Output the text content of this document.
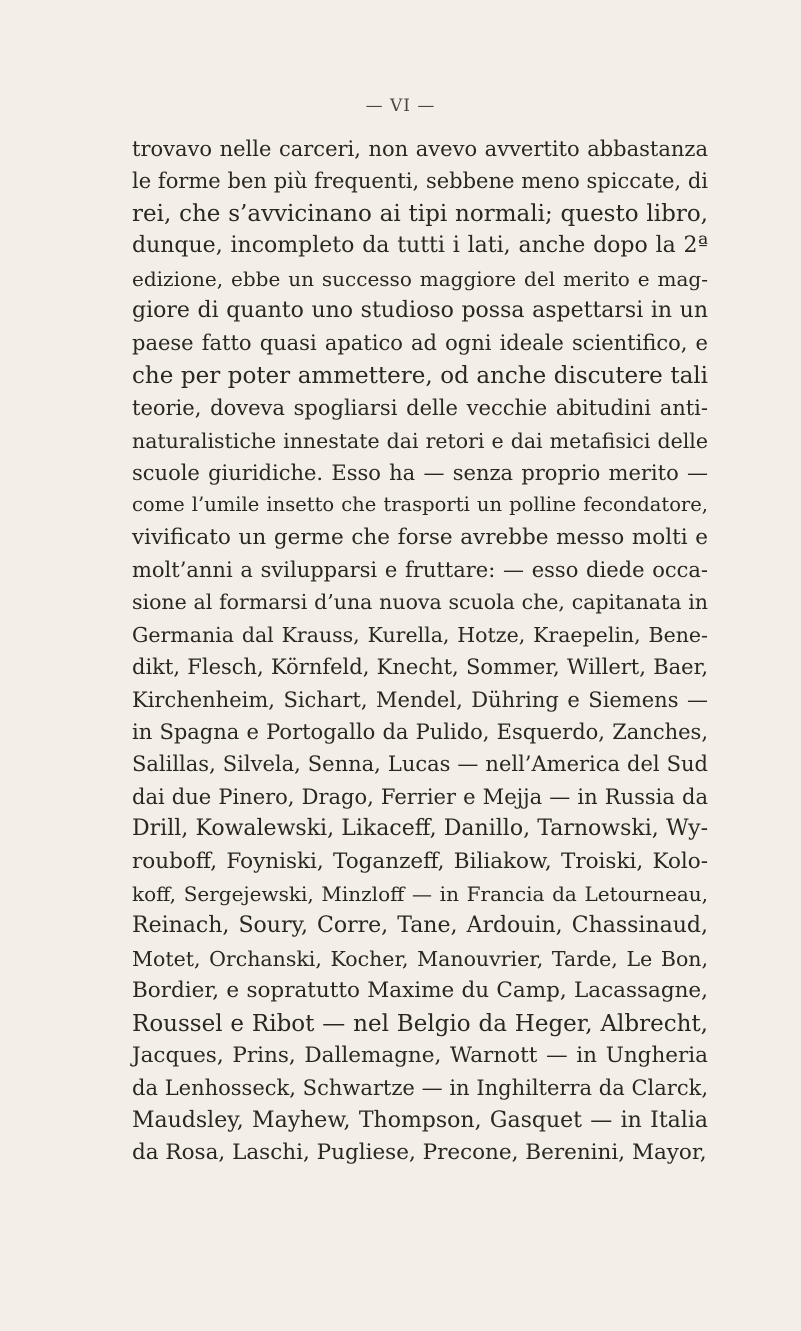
— VI —
trovavo nelle carceri, non avevo avvertito abbastanza
le forme ben più frequenti, sebbene meno spiccate, di
rei, che s’avvicinano ai tipi normali; questo libro,
dunque, incompleto da tutti i lati, anche dopo la 2ª
edizione, ebbe un successo maggiore del merito e mag-
giore di quanto uno studioso possa aspettarsi in un
paese fatto quasi apatico ad ogni ideale scientifico, e
che per poter ammettere, od anche discutere tali
teorie, doveva spogliarsi delle vecchie abitudini anti-
naturalistiche innestate dai retori e dai metafisici delle
scuole giuridiche. Esso ha — senza proprio merito —
come l’umile insetto che trasporti un polline fecondatore,
vivificato un germe che forse avrebbe messo molti e
molt’anni a svilupparsi e fruttare: — esso diede occa-
sione al formarsi d’una nuova scuola che, capitanata in
Germania dal Krauss, Kurella, Hotze, Kraepelin, Bene-
dikt, Flesch, Körnfeld, Knecht, Sommer, Willert, Baer,
Kirchenheim, Sichart, Mendel, Dühring e Siemens —
in Spagna e Portogallo da Pulido, Esquerdo, Zanches,
Salillas, Silvela, Senna, Lucas — nell’America del Sud
dai due Pinero, Drago, Ferrier e Mejja — in Russia da
Drill, Kowalewski, Likaceff, Danillo, Tarnowski, Wy-
rouboff, Foyniski, Toganzeff, Biliakow, Troiski, Kolo-
koff, Sergejewski, Minzloff — in Francia da Letourneau,
Reinach, Soury, Corre, Tane, Ardouin, Chassinaud,
Motet, Orchanski, Kocher, Manouvrier, Tarde, Le Bon,
Bordier, e sopratutto Maxime du Camp, Lacassagne,
Roussel e Ribot — nel Belgio da Heger, Albrecht,
Jacques, Prins, Dallemagne, Warnott — in Ungheria
da Lenhosseck, Schwartze — in Inghilterra da Clarck,
Maudsley, Mayhew, Thompson, Gasquet — in Italia
da Rosa, Laschi, Pugliese, Precone, Berenini, Mayor,
